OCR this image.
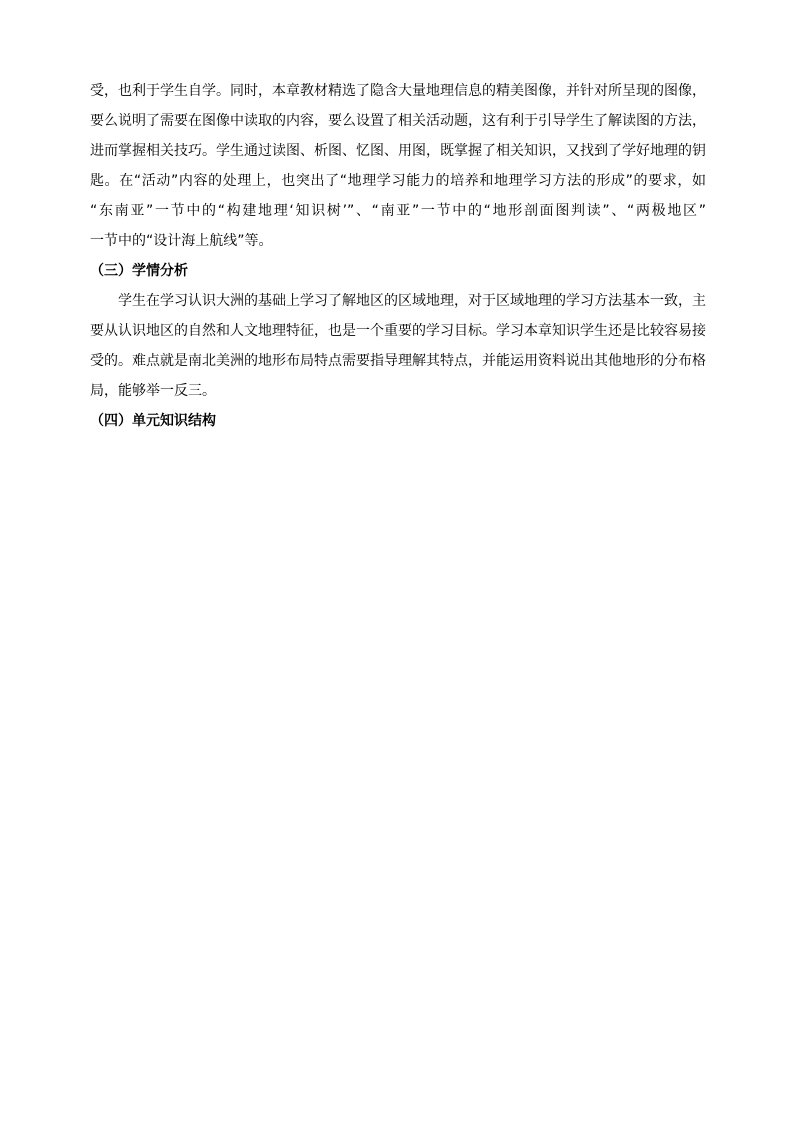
受，也利于学生自学。同时，本章教材精选了隐含大量地理信息的精美图像，并针对所呈现的图像，
要么说明了需要在图像中读取的内容，要么设置了相关活动题，这有利于引导学生了解读图的方法，
进而掌握相关技巧。学生通过读图、析图、忆图、用图，既掌握了相关知识，又找到了学好地理的钥
匙。在“活动”内容的处理上，也突出了“地理学习能力的培养和地理学习方法的形成”的要求，如
“东南亚”一节中的“构建地理‘知识树’”、“南亚”一节中的“地形剖面图判读”、“两极地区”
一节中的“设计海上航线”等。
（三）学情分析
学生在学习认识大洲的基础上学习了解地区的区域地理，对于区域地理的学习方法基本一致，主
要从认识地区的自然和人文地理特征，也是一个重要的学习目标。学习本章知识学生还是比较容易接
受的。难点就是南北美洲的地形布局特点需要指导理解其特点，并能运用资料说出其他地形的分布格
局，能够举一反三。
（四）单元知识结构
